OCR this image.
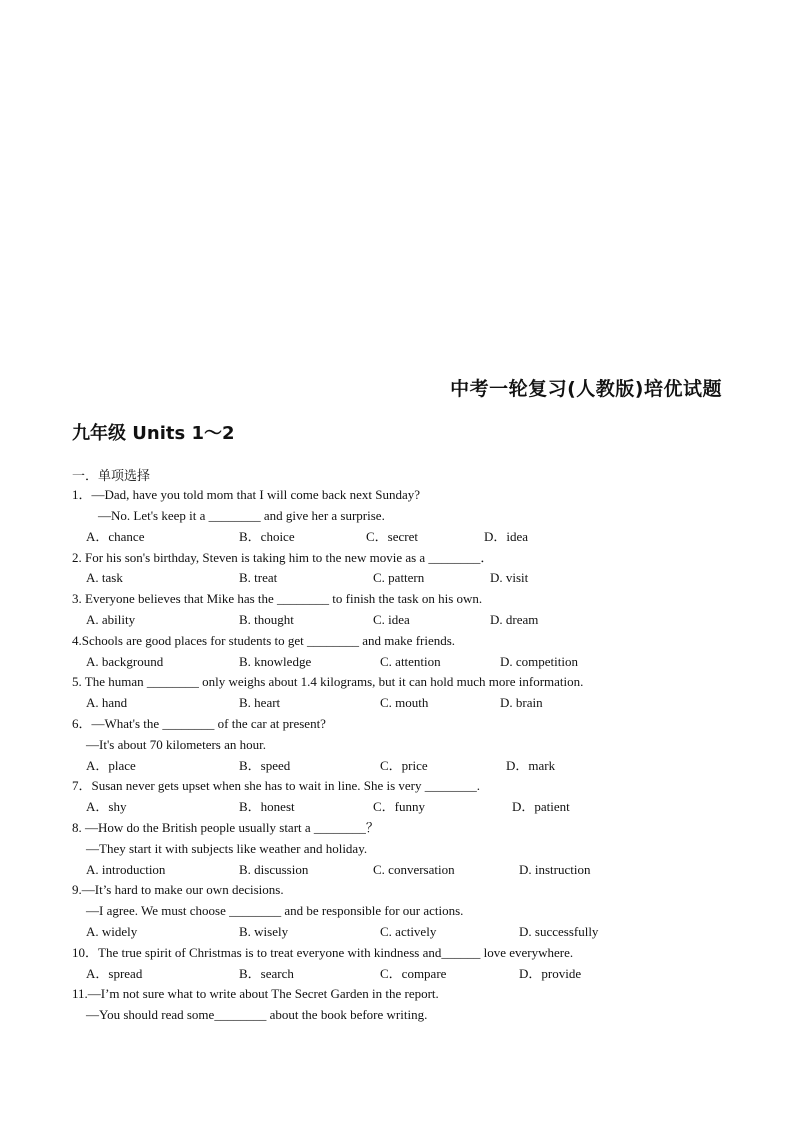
中考一轮复习(人教版)培优试题
九年级 Units 1～2
一．单项选择
1．—Dad, have you told mom that I will come back next Sunday?
—No. Let's keep it a ________ and give her a surprise.
A．chance	B．choice	C．secret	D．idea
2. For his son's birthday, Steven is taking him to the new movie as a ________．
A. task	B. treat	C. pattern	D. visit
3. Everyone believes that Mike has the ________ to finish the task on his own.
A. ability	B. thought	C. idea	D. dream
4.Schools are good places for students to get ________ and make friends.
A. background	B. knowledge	C. attention	D. competition
5. The human ________ only weighs about 1.4 kilograms, but it can hold much more information.
A. hand	B. heart	C. mouth	D. brain
6．—What's the ________ of the car at present?
—It's about 70 kilometers an hour.
A．place	B．speed	C．price	D．mark
7．Susan never gets upset when she has to wait in line. She is very ________.
A．shy	B．honest	C．funny	D．patient
8. —How do the British people usually start a ________？
—They start it with subjects like weather and holiday.
A. introduction	B. discussion	C. conversation	D. instruction
9.—It’s hard to make our own decisions.
—I agree. We must choose ________ and be responsible for our actions.
A. widely	B. wisely	C. actively	D. successfully
10．The true spirit of Christmas is to treat everyone with kindness and______ love everywhere.
A．spread	B．search	C．compare	D．provide
11.—I’m not sure what to write about The Secret Garden in the report.
—You should read some________ about the book before writing.
